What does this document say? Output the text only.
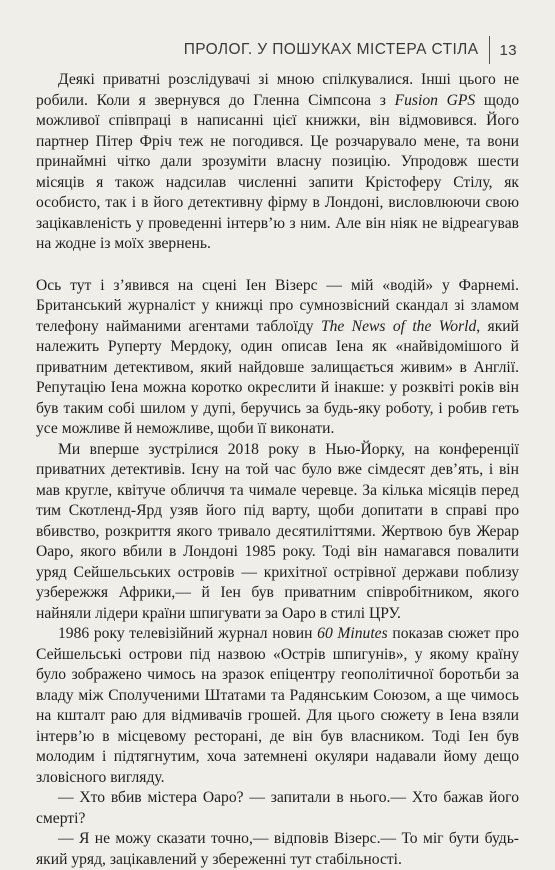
ПРОЛОГ. У ПОШУКАХ МІСТЕРА СТІЛА 13

Деякі приватні розслідувачі зі мною спілкувалися. Інші цього не робили. Коли я звернувся до Гленна Сімпсона з Fusion GPS щодо можливої співпраці в написанні цієї книжки, він відмовився. Його партнер Пітер Фріч теж не погодився. Це розчарувало мене, та вони принаймні чітко дали зрозуміти власну позицію. Упродовж шести місяців я також надсилав численні запити Крістоферу Стілу, як особисто, так і в його детективну фірму в Лондоні, висловлюючи свою зацікавленість у проведенні інтерв’ю з ним. Але він ніяк не відреагував на жодне із моїх звернень.

Ось тут і з’явився на сцені Іен Візерс — мій «водій» у Фарнемі. Британський журналіст у книжці про сумнозвісний скандал зі зламом телефону найманими агентами таблоїду The News of the World, який належить Руперту Мердоку, один описав Іена як «найвідомішого й приватним детективом, який найдовше залищається живим» в Англії. Репутацію Іена можна коротко окреслити й інакше: у розквіті років він був таким собі шилом у дупі, беручись за будь-яку роботу, і робив геть усе можливе й неможливе, щоби її виконати.

Ми вперше зустрілися 2018 року в Нью-Йорку, на конференції приватних детективів. Ієну на той час було вже сімдесят дев’ять, і він мав кругле, квітуче обличчя та чимале черевце. За кілька місяців перед тим Скотленд-Ярд узяв його під варту, щоби допитати в справі про вбивство, розкриття якого тривало десятиліттями. Жертвою був Жерар Оаро, якого вбили в Лондоні 1985 року. Тоді він намагався повалити уряд Сейшельських островів — крихітної острівної держави поблизу узбережжя Африки,— й Іен був приватним співробітником, якого найняли лідери країни шпигувати за Оаро в стилі ЦРУ.

1986 року телевізійний журнал новин 60 Minutes показав сюжет про Сейшельські острови під назвою «Острів шпигунів», у якому країну було зображено чимось на зразок епіцентру геополітичної боротьби за владу між Сполученими Штатами та Радянським Союзом, а ще чимось на кшталт раю для відмивачів грошей. Для цього сюжету в Іена взяли інтерв’ю в місцевому ресторані, де він був власником. Тоді Іен був молодим і підтягнутим, хоча затемнені окуляри надавали йому дещо зловісного вигляду.

— Хто вбив містера Оаро? — запитали в нього.— Хто бажав його смерті?

— Я не можу сказати точно,— відповів Візерс.— То міг бути будь-який уряд, зацікавлений у збереженні тут стабільності.
